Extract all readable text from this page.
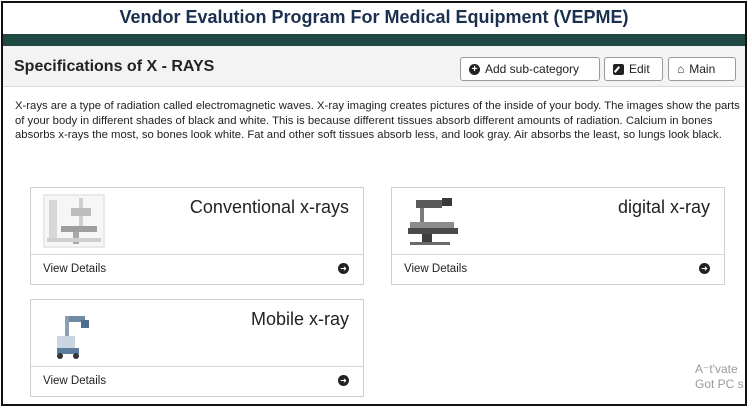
Vendor Evalution Program For Medical Equipment (VEPME)
Specifications of X - RAYS	+ Add sub-category	Edit ⌂ Main
X-rays are a type of radiation called electromagnetic waves. X-ray imaging creates pictures of the inside of your body. The images show the parts of your body in different shades of black and white. This is because different tissues absorb different amounts of radiation. Calcium in bones absorbs x-rays the most, so bones look white. Fat and other soft tissues absorb less, and look gray. Air absorbs the least, so lungs look black.
Conventional x-rays
View Details	➜
digital x-ray
View Details	➜
Mobile x-ray
View Details	➜
A⁻t'vate
Got PC s
